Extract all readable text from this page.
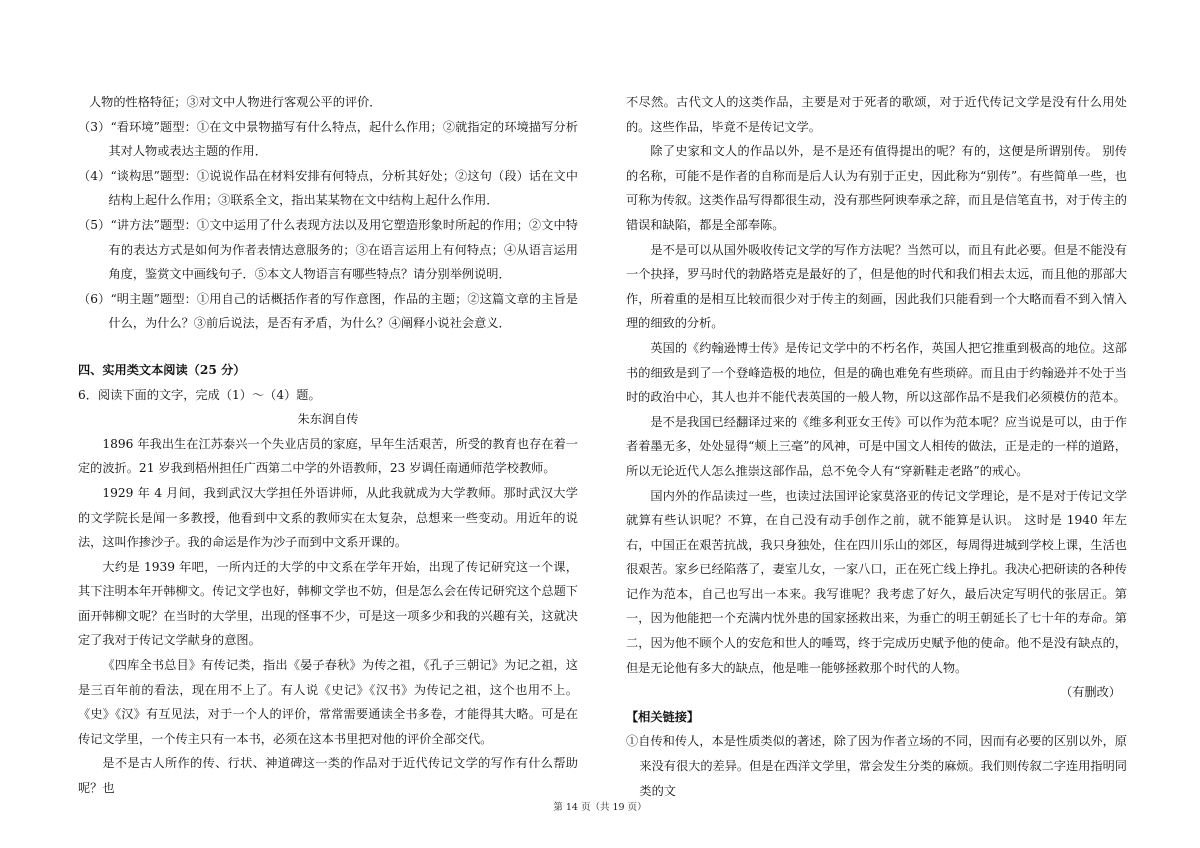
人物的性格特征；③对文中人物进行客观公平的评价．

（3）“看环境”题型：①在文中景物描写有什么特点，起什么作用；②就指定的环境描写分析其对人物或表达主题的作用．

（4）“谈构思”题型：①说说作品在材料安排有何特点，分析其好处；②这句（段）话在文中结构上起什么作用；③联系全文，指出某某物在文中结构上起什么作用．

（5）“讲方法”题型：①文中运用了什么表现方法以及用它塑造形象时所起的作用；②文中特有的表达方式是如何为作者表情达意服务的；③在语言运用上有何特点；④从语言运用角度，鉴赏文中画线句子．⑤本文人物语言有哪些特点？请分别举例说明．

（6）“明主题”题型：①用自己的话概括作者的写作意图，作品的主题；②这篇文章的主旨是什么，为什么？③前后说法，是否有矛盾，为什么？④阐释小说社会意义．

四、实用类文本阅读（25 分）

6．阅读下面的文字，完成（1）～（4）题。

朱东润自传

1896 年我出生在江苏泰兴一个失业店员的家庭，早年生活艰苦，所受的教育也存在着一定的波折。21 岁我到梧州担任广西第二中学的外语教师，23 岁调任南通师范学校教师。

1929 年 4 月间，我到武汉大学担任外语讲师，从此我就成为大学教师。那时武汉大学的文学院长是闻一多教授，他看到中文系的教师实在太复杂，总想来一些变动。用近年的说法，这叫作掺沙子。我的命运是作为沙子而到中文系开课的。

大约是 1939 年吧，一所内迁的大学的中文系在学年开始，出现了传记研究这一个课，其下注明本年开韩柳文。传记文学也好，韩柳文学也不妨，但是怎么会在传记研究这个总题下面开韩柳文呢？在当时的大学里，出现的怪事不少，可是这一项多少和我的兴趣有关，这就决定了我对于传记文学献身的意图。

《四库全书总目》有传记类，指出《晏子春秋》为传之祖，《孔子三朝记》为记之祖，这是三百年前的看法，现在用不上了。有人说《史记》《汉书》为传记之祖，这个也用不上。《史》《汉》有互见法，对于一个人的评价，常常需要通读全书多卷，才能得其大略。可是在传记文学里，一个传主只有一本书，必须在这本书里把对他的评价全部交代。

是不是古人所作的传、行状、神道碑这一类的作品对于近代传记文学的写作有什么帮助呢？也

不尽然。古代文人的这类作品，主要是对于死者的歌颂，对于近代传记文学是没有什么用处的。这些作品，毕竟不是传记文学。

除了史家和文人的作品以外，是不是还有值得提出的呢？有的，这便是所谓别传。 别传的名称，可能不是作者的自称而是后人认为有别于正史，因此称为“别传”。有些简单一些，也可称为传叙。这类作品写得都很生动，没有那些阿谀奉承之辞，而且是信笔直书，对于传主的错误和缺陷，都是全部奉陈。

是不是可以从国外吸收传记文学的写作方法呢？当然可以，而且有此必要。但是不能没有一个抉择，罗马时代的勃路塔克是最好的了，但是他的时代和我们相去太远，而且他的那部大作，所着重的是相互比较而很少对于传主的刻画，因此我们只能看到一个大略而看不到入情入理的细致的分析。

英国的《约翰逊博士传》是传记文学中的不朽名作，英国人把它推重到极高的地位。这部书的细致是到了一个登峰造极的地位，但是的确也难免有些琐碎。而且由于约翰逊并不处于当时的政治中心，其人也并不能代表英国的一般人物，所以这部作品不是我们必须模仿的范本。

是不是我国已经翻译过来的《维多利亚女王传》可以作为范本呢？应当说是可以，由于作者着墨无多，处处显得“颊上三毫”的风神，可是中国文人相传的做法，正是走的一样的道路，所以无论近代人怎么推崇这部作品，总不免令人有“穿新鞋走老路”的戒心。

国内外的作品读过一些，也读过法国评论家莫洛亚的传记文学理论，是不是对于传记文学就算有些认识呢？不算，在自己没有动手创作之前，就不能算是认识。 这时是 1940 年左右，中国正在艰苦抗战，我只身独处，住在四川乐山的郊区，每周得进城到学校上课，生活也很艰苦。家乡已经陷落了，妻室儿女，一家八口，正在死亡线上挣扎。我决心把研读的各种传记作为范本，自己也写出一本来。我写谁呢？我考虑了好久，最后决定写明代的张居正。第一，因为他能把一个充满内忧外患的国家拯救出来，为垂亡的明王朝延长了七十年的寿命。第二，因为他不顾个人的安危和世人的唾骂，终于完成历史赋予他的使命。他不是没有缺点的，但是无论他有多大的缺点，他是唯一能够拯救那个时代的人物。

（有删改）

【相关链接】

①自传和传人，本是性质类似的著述，除了因为作者立场的不同，因而有必要的区别以外，原来没有很大的差异。但是在西洋文学里，常会发生分类的麻烦。我们则传叙二字连用指明同类的文

第 14 页（共 19 页）
